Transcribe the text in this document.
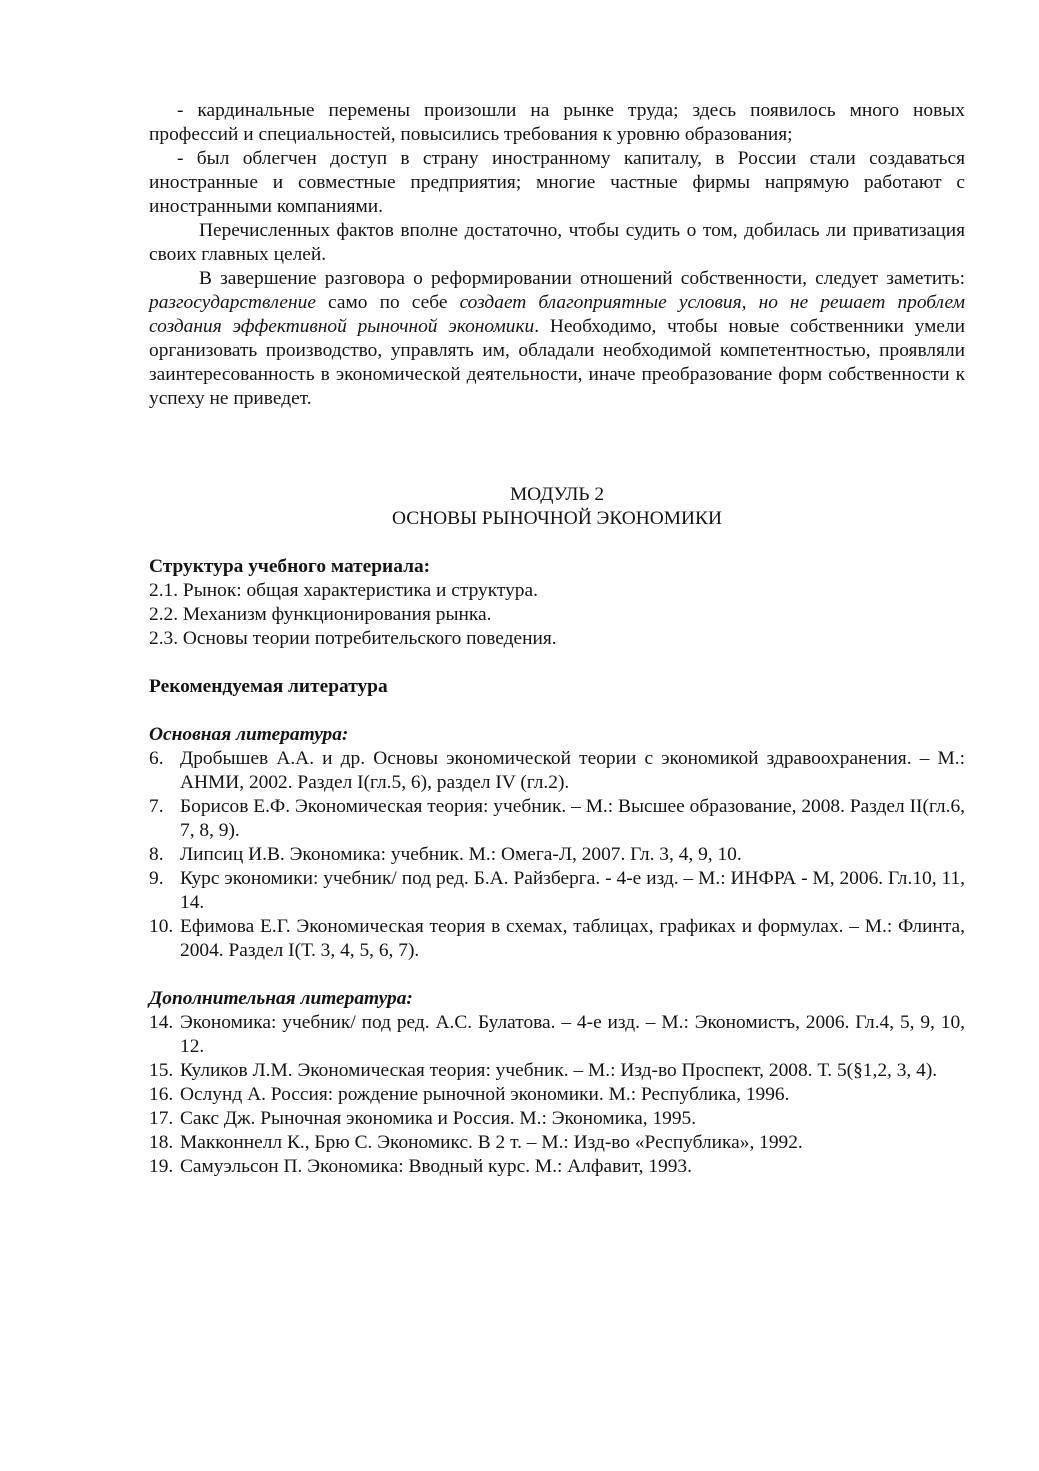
- кардинальные перемены произошли на рынке труда; здесь появилось много новых профессий и специальностей, повысились требования к уровню образования;

- был облегчен доступ в страну иностранному капиталу, в России стали создаваться иностранные и совместные предприятия; многие частные фирмы напрямую работают с иностранными компаниями.

Перечисленных фактов вполне достаточно, чтобы судить о том, добилась ли приватизация своих главных целей.

В завершение разговора о реформировании отношений собственности, следует заметить: разгосударствление само по себе создает благоприятные условия, но не решает проблем создания эффективной рыночной экономики. Необходимо, чтобы новые собственники умели организовать производство, управлять им, обладали необходимой компетентностью, проявляли заинтересованность в экономической деятельности, иначе преобразование форм собственности к успеху не приведет.

МОДУЛЬ 2

ОСНОВЫ РЫНОЧНОЙ ЭКОНОМИКИ

Структура учебного материала:

2.1. Рынок: общая характеристика и структура.

2.2. Механизм функционирования рынка.

2.3. Основы теории потребительского поведения.

Рекомендуемая литература

Основная литература:

6. Дробышев А.А. и др. Основы экономической теории с экономикой здравоохранения. – М.: АНМИ, 2002. Раздел I(гл.5, 6), раздел IV (гл.2).
7. Борисов Е.Ф. Экономическая теория: учебник. – М.: Высшее образование, 2008. Раздел II(гл.6, 7, 8, 9).
8. Липсиц И.В. Экономика: учебник. М.: Омега-Л, 2007. Гл. 3, 4, 9, 10.
9. Курс экономики: учебник/ под ред. Б.А. Райзберга. - 4-е изд. – М.: ИНФРА - М, 2006. Гл.10, 11, 14.
10. Ефимова Е.Г. Экономическая теория в схемах, таблицах, графиках и формулах. – М.: Флинта, 2004. Раздел I(Т. 3, 4, 5, 6, 7).

Дополнительная литература:

14. Экономика: учебник/ под ред. А.С. Булатова. – 4-е изд. – М.: Экономистъ, 2006. Гл.4, 5, 9, 10, 12.
15. Куликов Л.М. Экономическая теория: учебник. – М.: Изд-во Проспект, 2008. Т. 5(§1,2, 3, 4).
16. Ослунд А. Россия: рождение рыночной экономики. М.: Республика, 1996.
17. Сакс Дж. Рыночная экономика и Россия. М.: Экономика, 1995.
18. Макконнелл К., Брю С. Экономикс. В 2 т. – М.: Изд-во «Республика», 1992.
19. Самуэльсон П. Экономика: Вводный курс. М.: Алфавит, 1993.
